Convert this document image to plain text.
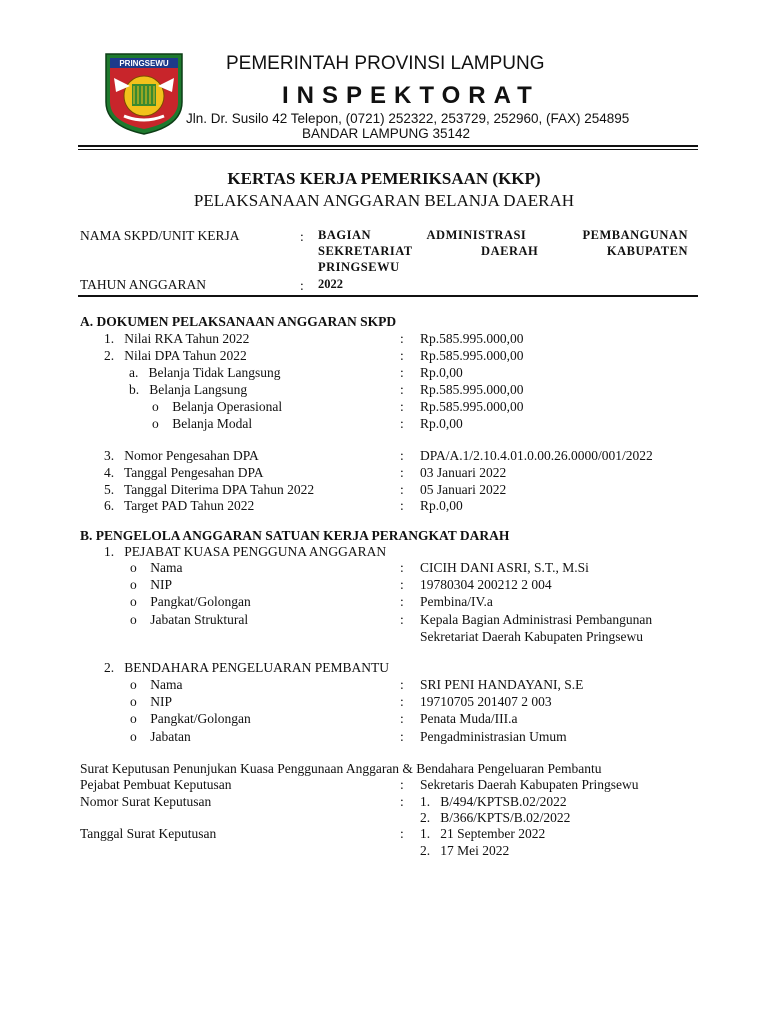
PRINGSEWU	PEMERINTAH PROVINSI LAMPUNG
INSPEKTORAT
Jln. Dr. Susilo 42 Telepon, (0721) 252322, 253729, 252960, (FAX) 254895
BANDAR LAMPUNG 35142
KERTAS KERJA PEMERIKSAAN (KKP)
PELAKSANAAN ANGGARAN BELANJA DAERAH
NAMA SKPD/UNIT KERJA	: BAGIAN ADMINISTRASI PEMBANGUNAN
SEKRETARIAT DAERAH KABUPATEN
PRINGSEWU
TAHUN ANGGARAN	: 2022
A. DOKUMEN PELAKSANAAN ANGGARAN SKPD
1.   Nilai RKA Tahun 2022	: Rp.585.995.000,00
2.   Nilai DPA Tahun 2022	: Rp.585.995.000,00
a.   Belanja Tidak Langsung	: Rp.0,00
b.   Belanja Langsung	: Rp.585.995.000,00
o    Belanja Operasional	: Rp.585.995.000,00
o    Belanja Modal	: Rp.0,00
3.   Nomor Pengesahan DPA	: DPA/A.1/2.10.4.01.0.00.26.0000/001/2022
4.   Tanggal Pengesahan DPA	: 03 Januari 2022
5.   Tanggal Diterima DPA Tahun 2022	: 05 Januari 2022
6.   Target PAD Tahun 2022	: Rp.0,00
B. PENGELOLA ANGGARAN SATUAN KERJA PERANGKAT DARAH
1.   PEJABAT KUASA PENGGUNA ANGGARAN
o    Nama	: CICIH DANI ASRI, S.T., M.Si
o    NIP	: 19780304 200212 2 004
o    Pangkat/Golongan	: Pembina/IV.a
o    Jabatan Struktural	: Kepala Bagian Administrasi Pembangunan
Sekretariat Daerah Kabupaten Pringsewu
2.   BENDAHARA PENGELUARAN PEMBANTU
o    Nama	: SRI PENI HANDAYANI, S.E
o    NIP	: 19710705 201407 2 003
o    Pangkat/Golongan	: Penata Muda/III.a
o    Jabatan	: Pengadministrasian Umum
Surat Keputusan Penunjukan Kuasa Penggunaan Anggaran & Bendahara Pengeluaran Pembantu
Pejabat Pembuat Keputusan	: Sekretaris Daerah Kabupaten Pringsewu
Nomor Surat Keputusan	: 1.   B/494/KPTSB.02/2022
2.   B/366/KPTS/B.02/2022
Tanggal Surat Keputusan	: 1.   21 September 2022
2.   17 Mei 2022
